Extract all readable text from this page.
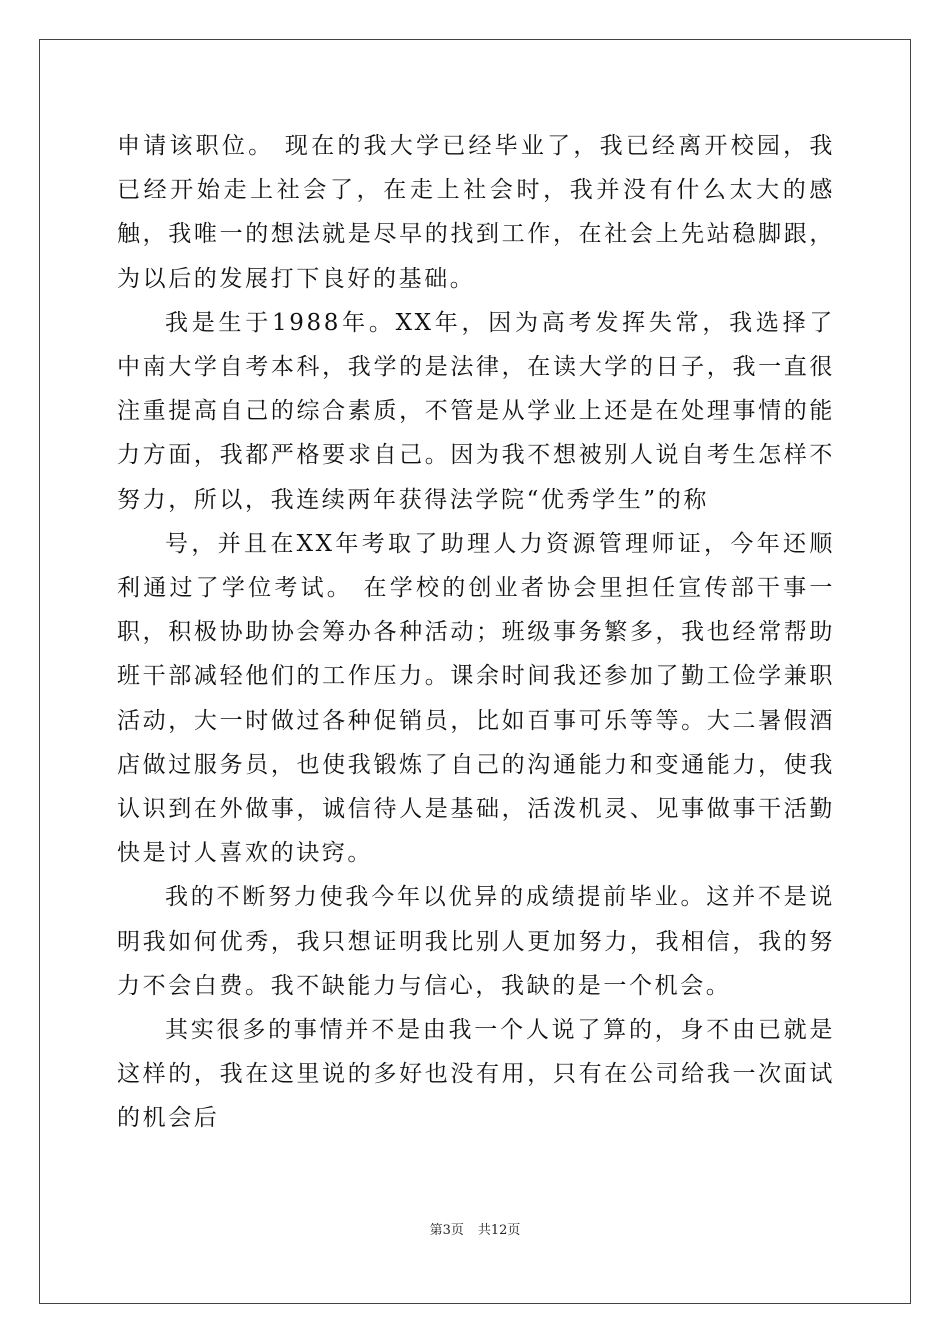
申请该职位。 现在的我大学已经毕业了，我已经离开校园，我已经开始走上社会了，在走上社会时，我并没有什么太大的感触，我唯一的想法就是尽早的找到工作，在社会上先站稳脚跟，为以后的发展打下良好的基础。

我是生于1988年。XX年，因为高考发挥失常，我选择了中南大学自考本科，我学的是法律，在读大学的日子，我一直很注重提高自己的综合素质，不管是从学业上还是在处理事情的能力方面，我都严格要求自己。因为我不想被别人说自考生怎样不努力，所以，我连续两年获得法学院“优秀学生”的称

号，并且在XX年考取了助理人力资源管理师证，今年还顺利通过了学位考试。 在学校的创业者协会里担任宣传部干事一职，积极协助协会筹办各种活动；班级事务繁多，我也经常帮助班干部减轻他们的工作压力。课余时间我还参加了勤工俭学兼职活动，大一时做过各种促销员，比如百事可乐等等。大二暑假酒店做过服务员，也使我锻炼了自己的沟通能力和变通能力，使我认识到在外做事，诚信待人是基础，活泼机灵、见事做事干活勤快是讨人喜欢的诀窍。

我的不断努力使我今年以优异的成绩提前毕业。这并不是说明我如何优秀，我只想证明我比别人更加努力，我相信，我的努力不会白费。我不缺能力与信心，我缺的是一个机会。

其实很多的事情并不是由我一个人说了算的，身不由已就是这样的，我在这里说的多好也没有用，只有在公司给我一次面试的机会后

第3页 共12页
